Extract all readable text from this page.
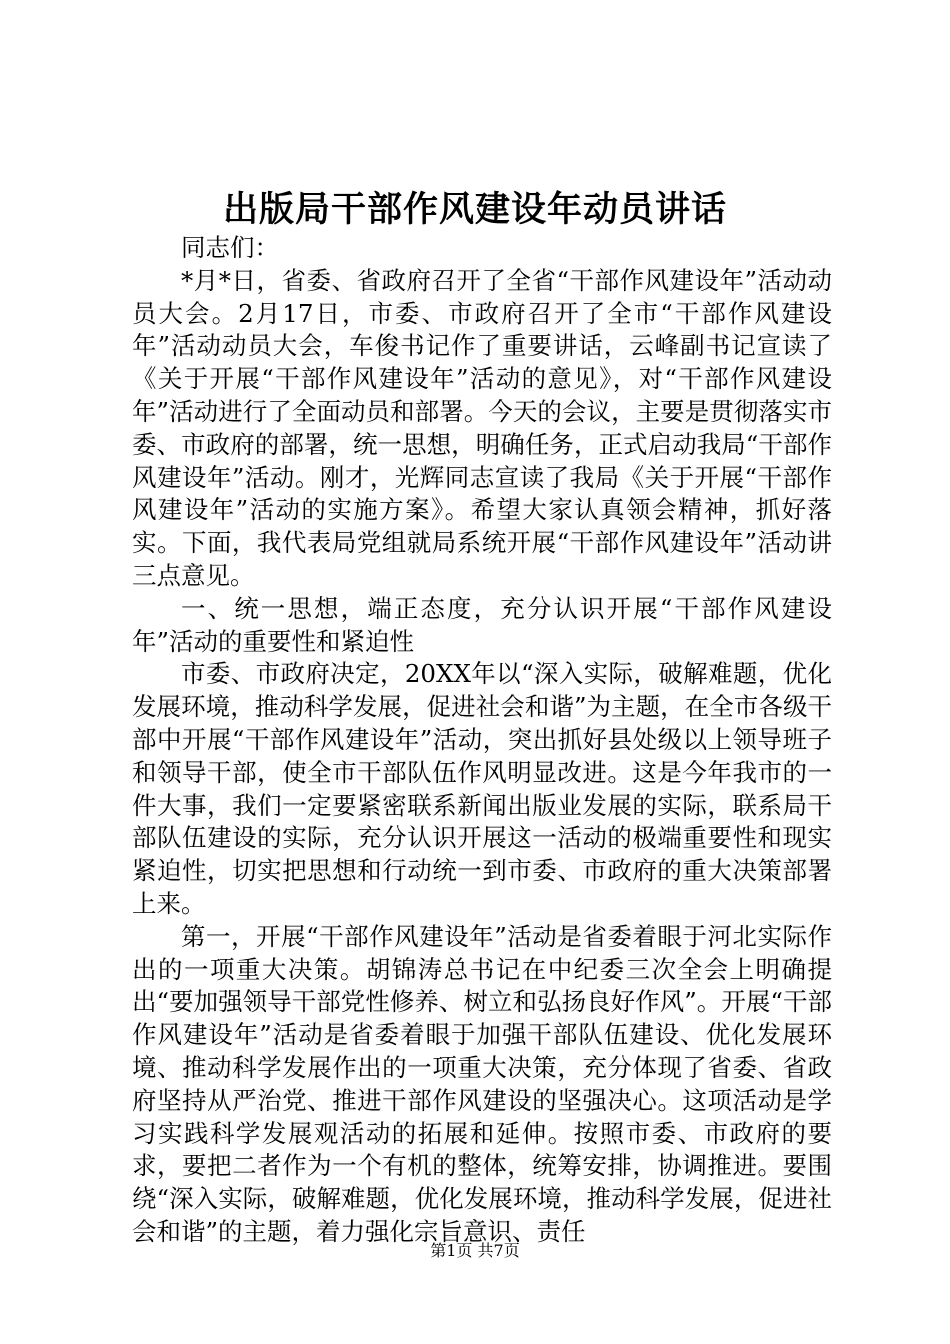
出版局干部作风建设年动员讲话

同志们：

*月*日，省委、省政府召开了全省“干部作风建设年”活动动员大会。2月17日，市委、市政府召开了全市“干部作风建设年”活动动员大会，车俊书记作了重要讲话，云峰副书记宣读了《关于开展“干部作风建设年”活动的意见》，对“干部作风建设年”活动进行了全面动员和部署。今天的会议，主要是贯彻落实市委、市政府的部署，统一思想，明确任务，正式启动我局“干部作风建设年”活动。刚才，光辉同志宣读了我局《关于开展“干部作风建设年”活动的实施方案》。希望大家认真领会精神，抓好落实。下面，我代表局党组就局系统开展“干部作风建设年”活动讲三点意见。

一、统一思想，端正态度，充分认识开展“干部作风建设年”活动的重要性和紧迫性

市委、市政府决定，20XX年以“深入实际，破解难题，优化发展环境，推动科学发展，促进社会和谐”为主题，在全市各级干部中开展“干部作风建设年”活动，突出抓好县处级以上领导班子和领导干部，使全市干部队伍作风明显改进。这是今年我市的一件大事，我们一定要紧密联系新闻出版业发展的实际，联系局干部队伍建设的实际，充分认识开展这一活动的极端重要性和现实紧迫性，切实把思想和行动统一到市委、市政府的重大决策部署上来。

第一，开展“干部作风建设年”活动是省委着眼于河北实际作出的一项重大决策。胡锦涛总书记在中纪委三次全会上明确提出“要加强领导干部党性修养、树立和弘扬良好作风”。开展“干部作风建设年”活动是省委着眼于加强干部队伍建设、优化发展环境、推动科学发展作出的一项重大决策，充分体现了省委、省政府坚持从严治党、推进干部作风建设的坚强决心。这项活动是学习实践科学发展观活动的拓展和延伸。按照市委、市政府的要求，要把二者作为一个有机的整体，统筹安排，协调推进。要围绕“深入实际，破解难题，优化发展环境，推动科学发展，促进社会和谐”的主题，着力强化宗旨意识、责任

第1页 共7页
